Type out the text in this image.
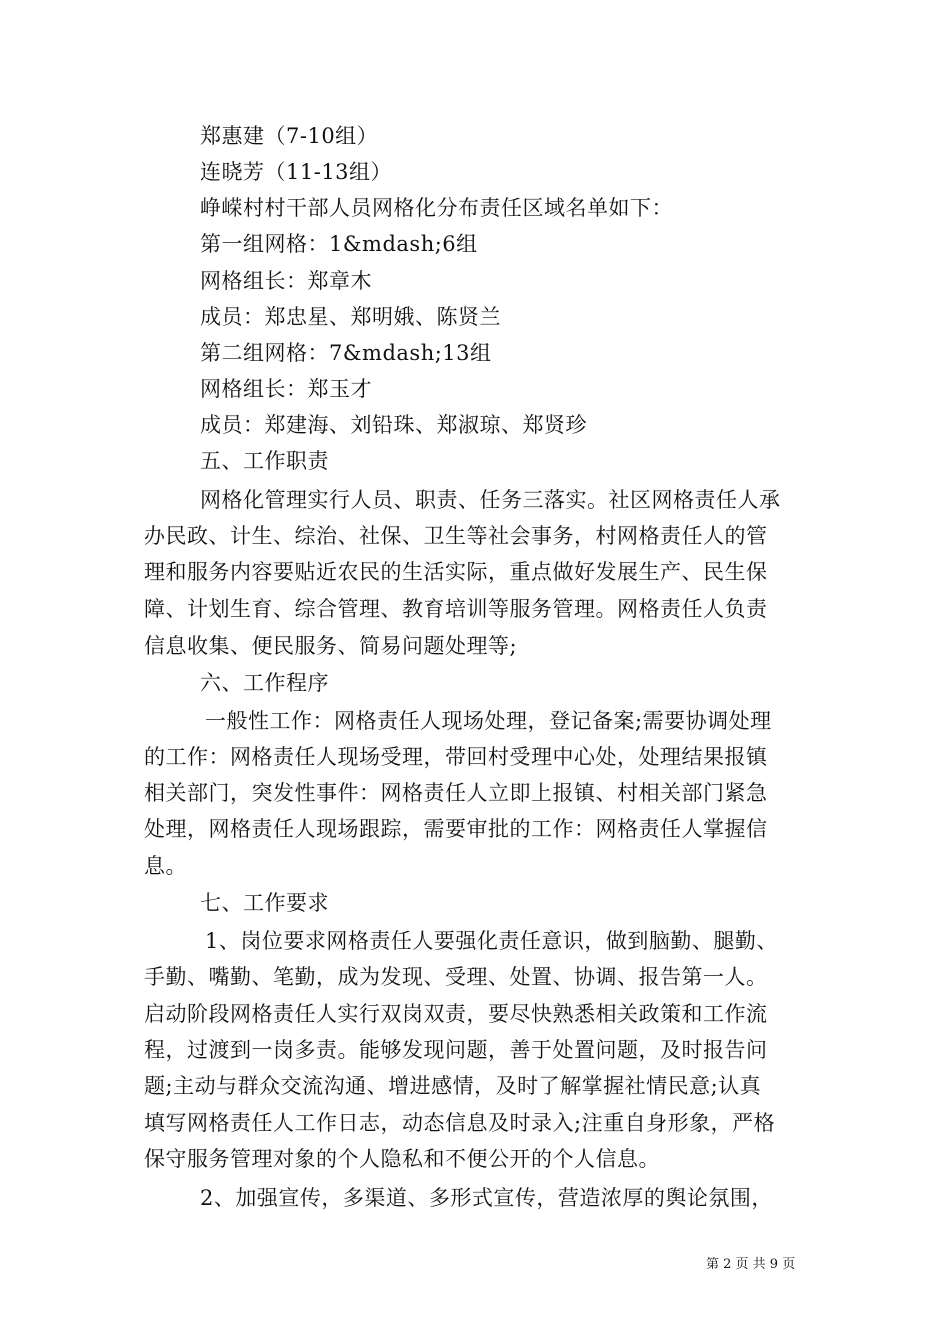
郑惠建（7-10组）
连晓芳（11-13组）
峥嵘村村干部人员网格化分布责任区域名单如下：
第一组网格：1&mdash;6组
网格组长：郑章木
成员：郑忠星、郑明娥、陈贤兰
第二组网格：7&mdash;13组
网格组长：郑玉才
成员：郑建海、刘铅珠、郑淑琼、郑贤珍
五、工作职责
网格化管理实行人员、职责、任务三落实。社区网格责任人承
办民政、计生、综治、社保、卫生等社会事务，村网格责任人的管
理和服务内容要贴近农民的生活实际，重点做好发展生产、民生保
障、计划生育、综合管理、教育培训等服务管理。网格责任人负责
信息收集、便民服务、简易问题处理等;
六、工作程序
一般性工作：网格责任人现场处理，登记备案;需要协调处理
的工作：网格责任人现场受理，带回村受理中心处，处理结果报镇
相关部门，突发性事件：网格责任人立即上报镇、村相关部门紧急
处理，网格责任人现场跟踪，需要审批的工作：网格责任人掌握信
息。
七、工作要求
1、岗位要求网格责任人要强化责任意识，做到脑勤、腿勤、
手勤、嘴勤、笔勤，成为发现、受理、处置、协调、报告第一人。
启动阶段网格责任人实行双岗双责，要尽快熟悉相关政策和工作流
程，过渡到一岗多责。能够发现问题，善于处置问题，及时报告问
题;主动与群众交流沟通、增进感情，及时了解掌握社情民意;认真
填写网格责任人工作日志，动态信息及时录入;注重自身形象，严格
保守服务管理对象的个人隐私和不便公开的个人信息。
2、加强宣传，多渠道、多形式宣传，营造浓厚的舆论氛围，
第 2 页 共 9 页
